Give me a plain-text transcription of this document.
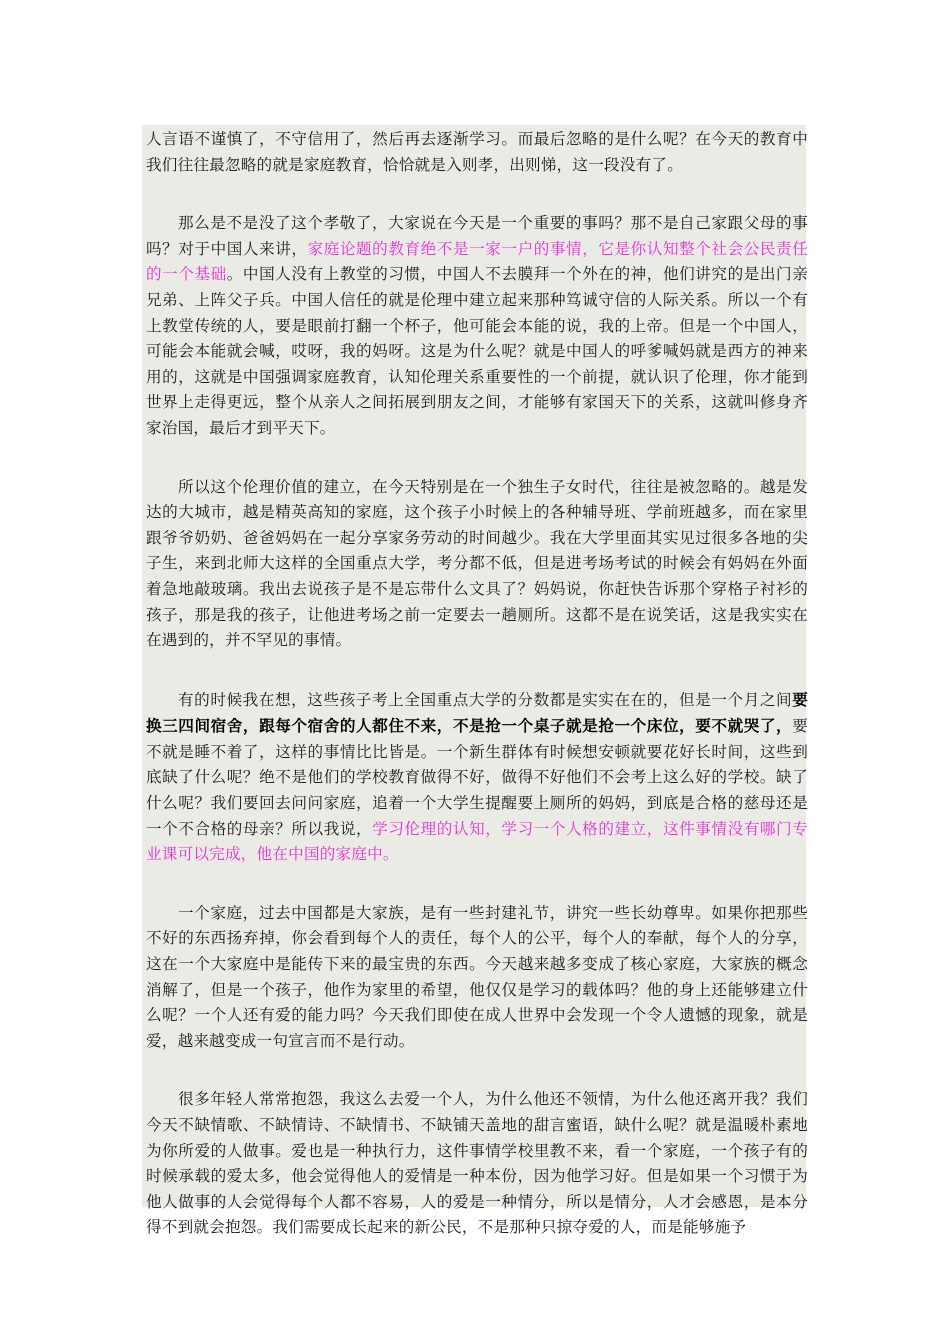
人言语不谨慎了，不守信用了，然后再去逐渐学习。而最后忽略的是什么呢？在今天的教育中我们往往最忽略的就是家庭教育，恰恰就是入则孝，出则悌，这一段没有了。

那么是不是没了这个孝敬了，大家说在今天是一个重要的事吗？那不是自己家跟父母的事吗？对于中国人来讲，家庭论题的教育绝不是一家一户的事情，它是你认知整个社会公民责任的一个基础。中国人没有上教堂的习惯，中国人不去膜拜一个外在的神，他们讲究的是出门亲兄弟、上阵父子兵。中国人信任的就是伦理中建立起来那种笃诚守信的人际关系。所以一个有上教堂传统的人，要是眼前打翻一个杯子，他可能会本能的说，我的上帝。但是一个中国人，可能会本能就会喊，哎呀，我的妈呀。这是为什么呢？就是中国人的呼爹喊妈就是西方的神来用的，这就是中国强调家庭教育，认知伦理关系重要性的一个前提，就认识了伦理，你才能到世界上走得更远，整个从亲人之间拓展到朋友之间，才能够有家国天下的关系，这就叫修身齐家治国，最后才到平天下。

所以这个伦理价值的建立，在今天特别是在一个独生子女时代，往往是被忽略的。越是发达的大城市，越是精英高知的家庭，这个孩子小时候上的各种辅导班、学前班越多，而在家里跟爷爷奶奶、爸爸妈妈在一起分享家务劳动的时间越少。我在大学里面其实见过很多各地的尖子生，来到北师大这样的全国重点大学，考分都不低，但是进考场考试的时候会有妈妈在外面着急地敲玻璃。我出去说孩子是不是忘带什么文具了？妈妈说，你赶快告诉那个穿格子衬衫的孩子，那是我的孩子，让他进考场之前一定要去一趟厕所。这都不是在说笑话，这是我实实在在遇到的，并不罕见的事情。

有的时候我在想，这些孩子考上全国重点大学的分数都是实实在在的，但是一个月之间要换三四间宿舍，跟每个宿舍的人都住不来，不是抢一个桌子就是抢一个床位，要不就哭了，要不就是睡不着了，这样的事情比比皆是。一个新生群体有时候想安顿就要花好长时间，这些到底缺了什么呢？绝不是他们的学校教育做得不好，做得不好他们不会考上这么好的学校。缺了什么呢？我们要回去问问家庭，追着一个大学生提醒要上厕所的妈妈，到底是合格的慈母还是一个不合格的母亲？所以我说，学习伦理的认知，学习一个人格的建立，这件事情没有哪门专业课可以完成，他在中国的家庭中。

一个家庭，过去中国都是大家族，是有一些封建礼节，讲究一些长幼尊卑。如果你把那些不好的东西扬弃掉，你会看到每个人的责任，每个人的公平，每个人的奉献，每个人的分享，这在一个大家庭中是能传下来的最宝贵的东西。今天越来越多变成了核心家庭，大家族的概念消解了，但是一个孩子，他作为家里的希望，他仅仅是学习的载体吗？他的身上还能够建立什么呢？一个人还有爱的能力吗？今天我们即使在成人世界中会发现一个令人遗憾的现象，就是爱，越来越变成一句宣言而不是行动。

很多年轻人常常抱怨，我这么去爱一个人，为什么他还不领情，为什么他还离开我？我们今天不缺情歌、不缺情诗、不缺情书、不缺铺天盖地的甜言蜜语，缺什么呢？就是温暖朴素地为你所爱的人做事。爱也是一种执行力，这件事情学校里教不来，看一个家庭，一个孩子有的时候承载的爱太多，他会觉得他人的爱情是一种本份，因为他学习好。但是如果一个习惯于为他人做事的人会觉得每个人都不容易，人的爱是一种情分，所以是情分，人才会感恩，是本分得不到就会抱怨。我们需要成长起来的新公民，不是那种只掠夺爱的人，而是能够施予
